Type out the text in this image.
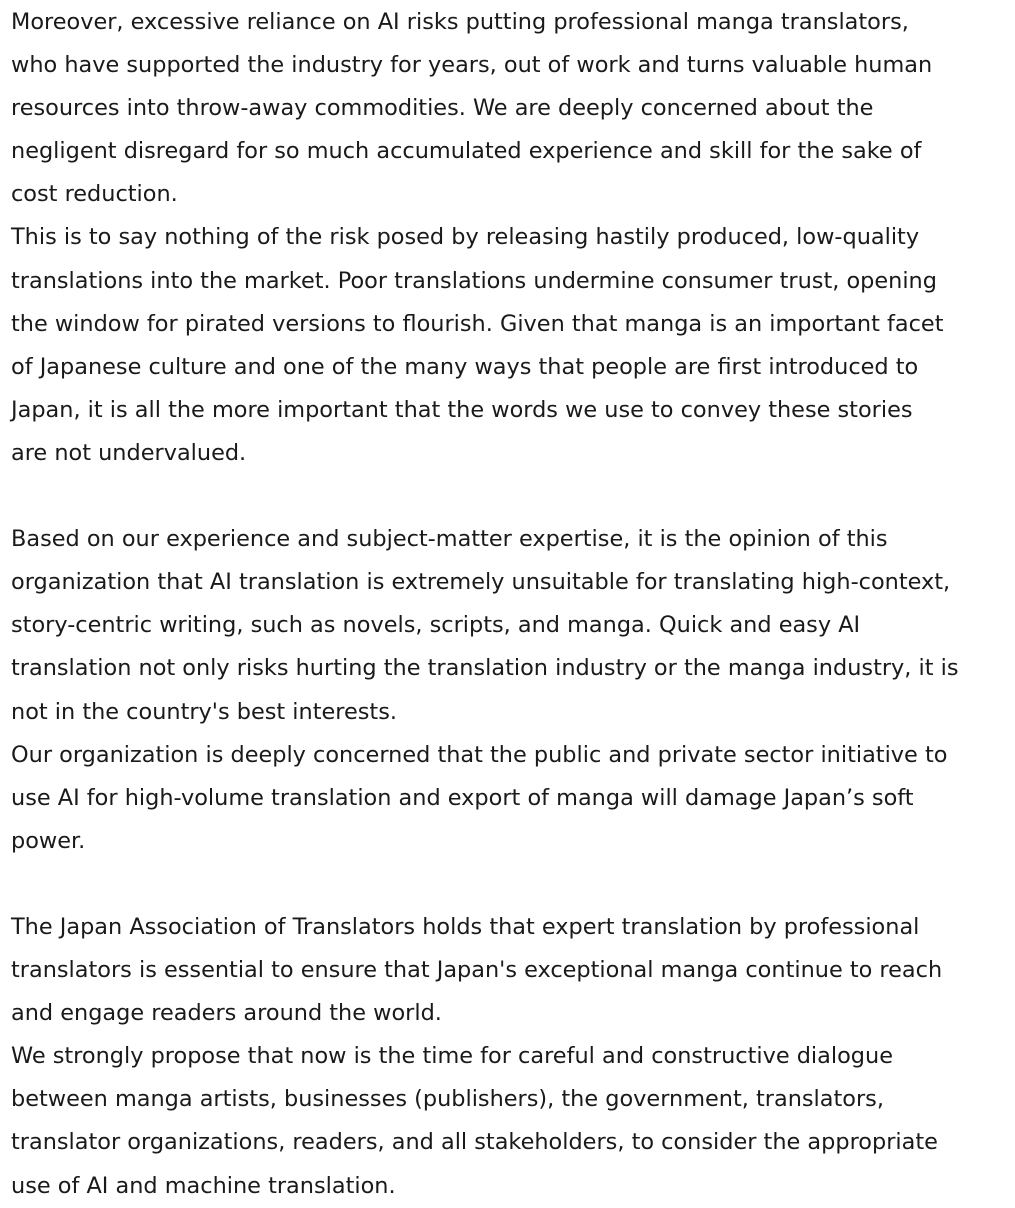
Moreover, excessive reliance on AI risks putting professional manga translators,
who have supported the industry for years, out of work and turns valuable human
resources into throw-away commodities. We are deeply concerned about the
negligent disregard for so much accumulated experience and skill for the sake of
cost reduction.
This is to say nothing of the risk posed by releasing hastily produced, low-quality
translations into the market. Poor translations undermine consumer trust, opening
the window for pirated versions to flourish. Given that manga is an important facet
of Japanese culture and one of the many ways that people are first introduced to
Japan, it is all the more important that the words we use to convey these stories
are not undervalued.
Based on our experience and subject-matter expertise, it is the opinion of this
organization that AI translation is extremely unsuitable for translating high-context,
story-centric writing, such as novels, scripts, and manga. Quick and easy AI
translation not only risks hurting the translation industry or the manga industry, it is
not in the country's best interests.
Our organization is deeply concerned that the public and private sector initiative to
use AI for high-volume translation and export of manga will damage Japan’s soft
power.
The Japan Association of Translators holds that expert translation by professional
translators is essential to ensure that Japan's exceptional manga continue to reach
and engage readers around the world.
We strongly propose that now is the time for careful and constructive dialogue
between manga artists, businesses (publishers), the government, translators,
translator organizations, readers, and all stakeholders, to consider the appropriate
use of AI and machine translation.
